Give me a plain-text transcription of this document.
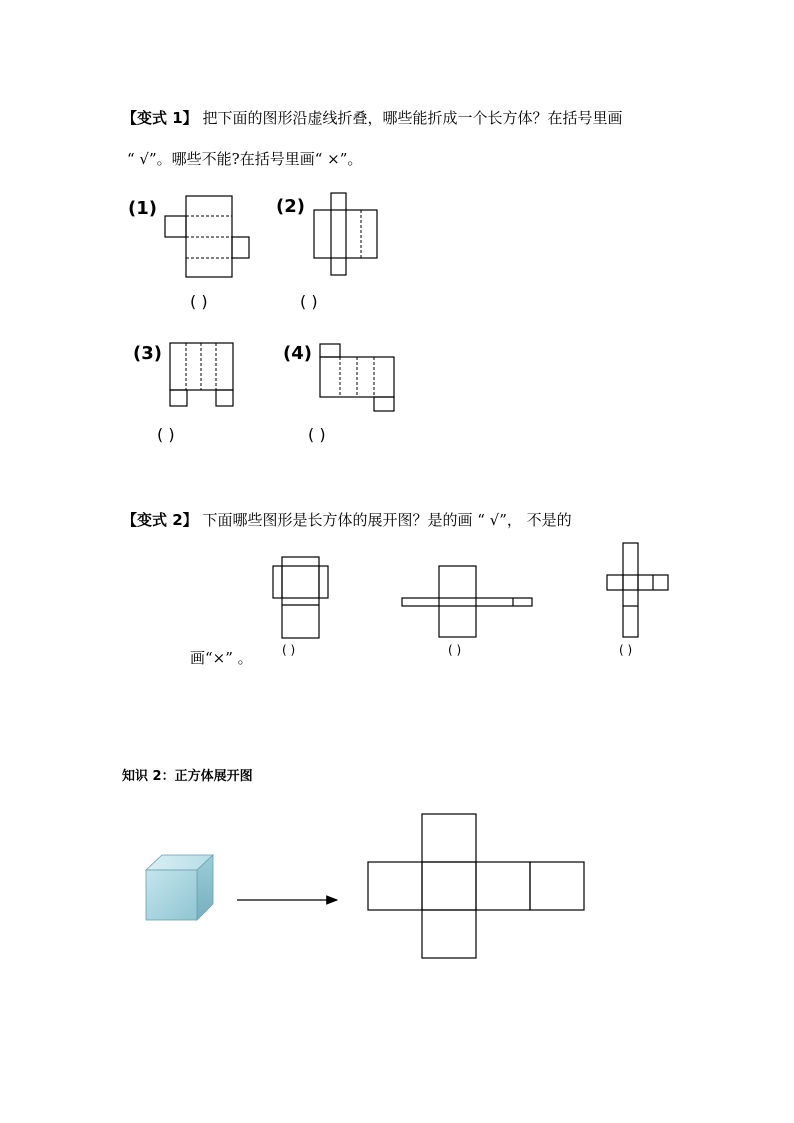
【变式 1】 把下面的图形沿虚线折叠，哪些能折成一个长方体？在括号里画
“ √”。哪些不能?在括号里画“ ×”。
(1)	(2)
(3)	(4)
( )	( )
( )	( )
【变式 2】 下面哪些图形是长方体的展开图？是的画 “ √”， 不是的
画“×” 。 ( )	( )	( )
知识 2：正方体展开图
